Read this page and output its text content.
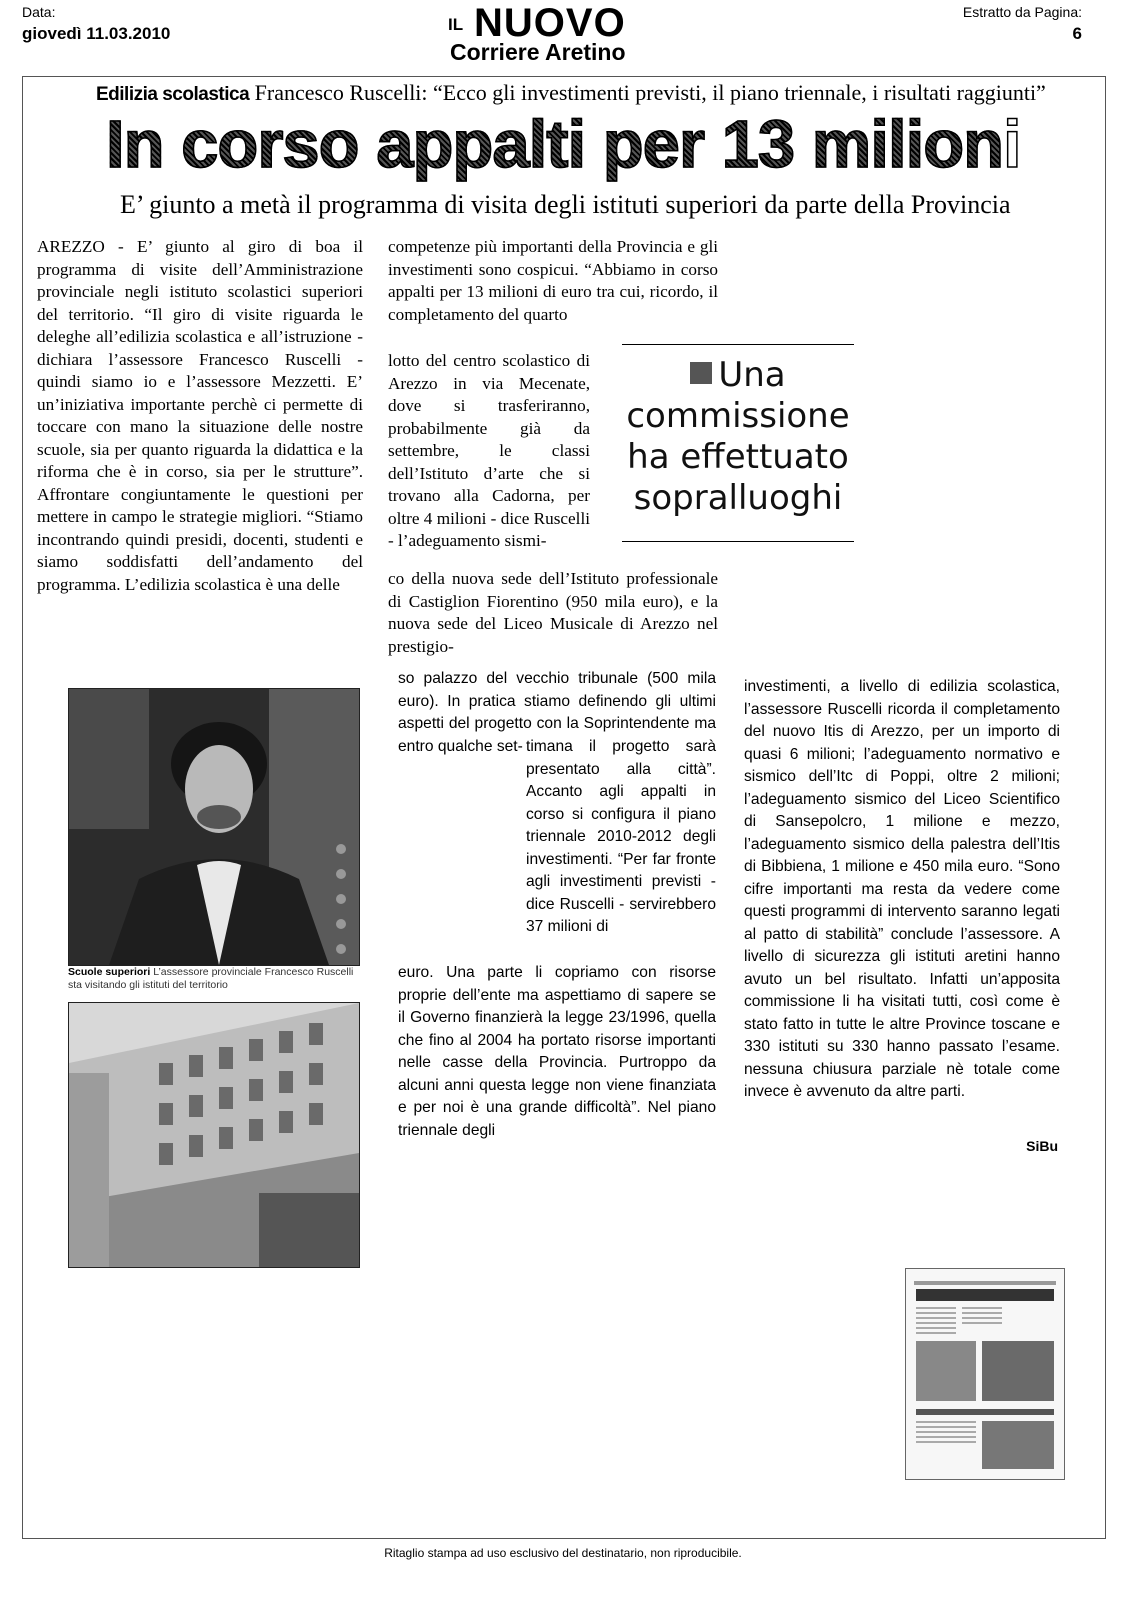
Data:
giovedì 11.03.2010	IL NUOVO
Corriere Aretino
Estratto da Pagina:
6
Edilizia scolastica Francesco Ruscelli: “Ecco gli investimenti previsti, il piano triennale, i risultati raggiunti”
In corso appalti per 13 milioni
E’ giunto a metà il programma di visita degli istituti superiori da parte della Provincia

AREZZO - E’ giunto al giro di boa il programma di visite dell’Amministrazione provinciale negli istituto scolastici superiori del territorio. “Il giro di visite riguarda le deleghe all’edilizia scolastica e all’istruzione - dichiara l’assessore Francesco Ruscelli - quindi siamo io e l’assessore Mezzetti. E’ un’iniziativa importante perchè ci permette di toccare con mano la situazione delle nostre scuole, sia per quanto riguarda la didattica e la riforma che è in corso, sia per le strutture”. Affrontare congiuntamente le questioni per mettere in campo le strategie migliori. “Stiamo incontrando quindi presidi, docenti, studenti e siamo soddisfatti dell’andamento del programma. L’edilizia scolastica è una delle

competenze più importanti della Provincia e gli investimenti sono cospicui. “Abbiamo in corso appalti per 13 milioni di euro tra cui, ricordo, il completamento del quarto

lotto del centro scolastico di Arezzo in via Mecenate, dove si trasferiranno, probabilmente già da settembre, le classi dell’Istituto d’arte che si trovano alla Cadorna, per oltre 4 milioni - dice Ruscelli - l’adeguamento sismi-

co della nuova sede dell’Istituto professionale di Castiglion Fiorentino (950 mila euro), e la nuova sede del Liceo Musicale di Arezzo nel prestigio-

Una commissione ha effettuato sopralluoghi

so palazzo del vecchio tribunale (500 mila euro). In pratica stiamo definendo gli ultimi aspetti del progetto con la Soprintendente ma entro qualche set- timana il progetto sarà presentato alla città”. Accanto agli appalti in corso si configura il piano triennale 2010-2012 degli investimenti. “Per far fronte agli investimenti previsti - dice Ruscelli - servirebbero 37 milioni di

euro. Una parte li copriamo con risorse proprie dell’ente ma aspettiamo di sapere se il Governo finanzierà la legge 23/1996, quella che fino al 2004 ha portato risorse importanti nelle casse della Provincia. Purtroppo da alcuni anni questa legge non viene finanziata e per noi è una grande difficoltà”. Nel piano triennale degli

investimenti, a livello di edilizia scolastica, l’assessore Ruscelli ricorda il completamento del nuovo Itis di Arezzo, per un importo di quasi 6 milioni; l’adeguamento normativo e sismico dell’Itc di Poppi, oltre 2 milioni; l’adeguamento sismico del Liceo Scientifico di Sansepolcro, 1 milione e mezzo, l’adeguamento sismico della palestra dell’Itis di Bibbiena, 1 milione e 450 mila euro. “Sono cifre importanti ma resta da vedere come questi programmi di intervento saranno legati al patto di stabilità” conclude l’assessore. A livello di sicurezza gli istituti aretini hanno avuto un bel risultato. Infatti un’apposita commissione li ha visitati tutti, così come è stato fatto in tutte le altre Province toscane e 330 istituti su 330 hanno passato l’esame. nessuna chiusura parziale nè totale come invece è avvenuto da altre parti.

SiBu
Scuole superiori L’assessore provinciale Francesco Ruscelli sta visitando gli istituti del territorio
Ritaglio stampa ad uso esclusivo del destinatario, non riproducibile.
